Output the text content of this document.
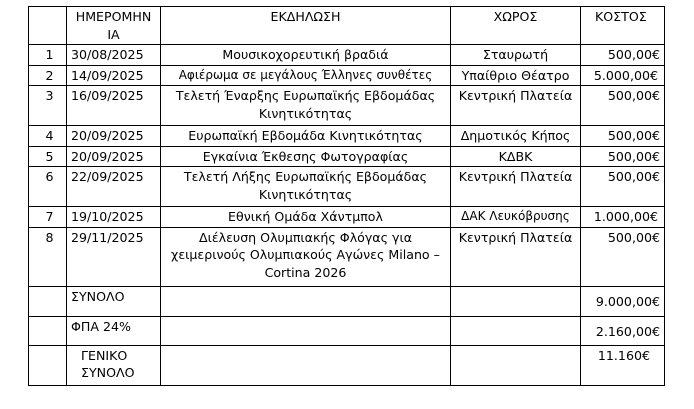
	ΗΜΕΡΟΜΗΝΙΑ	ΕΚΔΗΛΩΣΗ	ΧΩΡΟΣ	ΚΟΣΤΟΣ
1	30/08/2025	Μουσικοχορευτική βραδιά	Σταυρωτή	500,00€
2	14/09/2025	Αφιέρωμα σε μεγάλους Έλληνες συνθέτες	Υπαίθριο Θέατρο	5.000,00€
3	16/09/2025	Τελετή Έναρξης Ευρωπαϊκής Εβδομάδας Κινητικότητας	Κεντρική Πλατεία	500,00€
4	20/09/2025	Ευρωπαϊκή Εβδομάδα Κινητικότητας	Δημοτικός Κήπος	500,00€
5	20/09/2025	Εγκαίνια Έκθεσης Φωτογραφίας	ΚΔΒΚ	500,00€
6	22/09/2025	Τελετή Λήξης Ευρωπαϊκής Εβδομάδας Κινητικότητας	Κεντρική Πλατεία	500,00€
7	19/10/2025	Εθνική Ομάδα Χάντμπολ	ΔΑΚ Λευκόβρυσης	1.000,00€
8	29/11/2025	Διέλευση Ολυμπιακής Φλόγας για χειμερινούς Ολυμπιακούς Αγώνες Milano – Cortina 2026	Κεντρική Πλατεία	500,00€
	ΣΥΝΟΛΟ			9.000,00€
	ΦΠΑ 24%			2.160,00€
	ΓΕΝΙΚΟ ΣΥΝΟΛΟ			11.160€
